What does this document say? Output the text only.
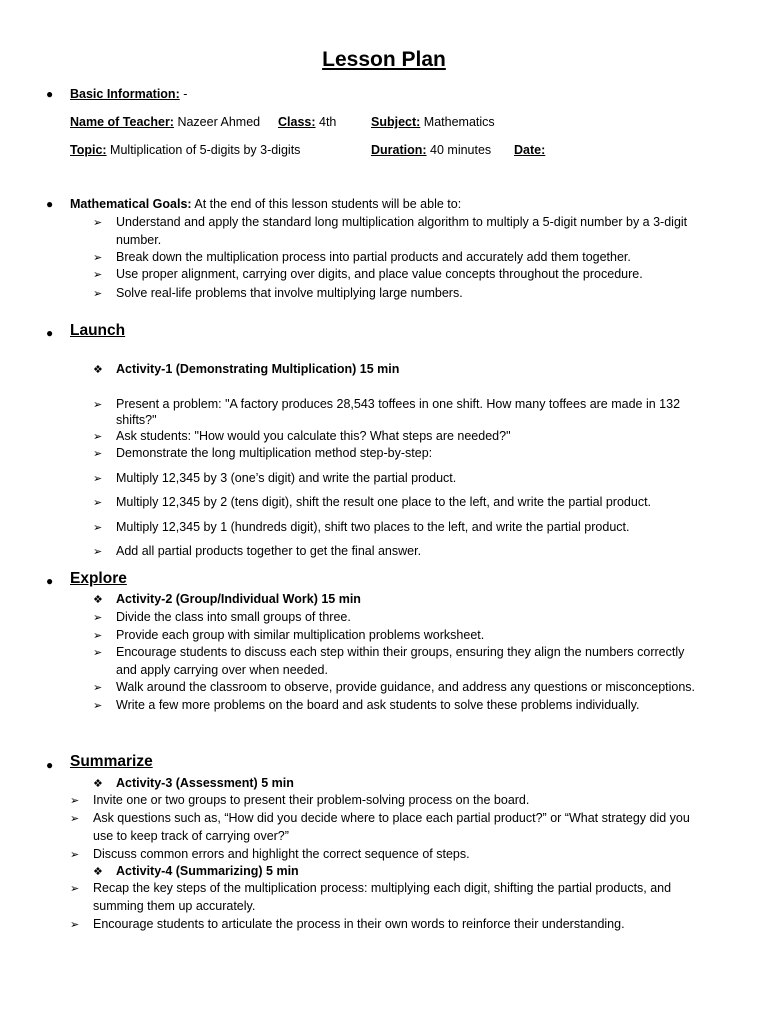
Lesson Plan
● Basic Information: -
Name of Teacher: Nazeer Ahmed Class: 4th	Subject: Mathematics
Topic: Multiplication of 5-digits by 3-digits	Duration: 40 minutes Date:
● Mathematical Goals: At the end of this lesson students will be able to:
➢	Understand and apply the standard long multiplication algorithm to multiply a 5-digit number by a 3-digit
number.
➢	Break down the multiplication process into partial products and accurately add them together.
➢	Use proper alignment, carrying over digits, and place value concepts throughout the procedure.
➢	Solve real-life problems that involve multiplying large numbers.
● Launch
❖ Activity-1 (Demonstrating Multiplication) 15 min
➢	Present a problem: "A factory produces 28,543 toffees in one shift. How many toffees are made in 132
shifts?"
➢	Ask students: "How would you calculate this? What steps are needed?"
➢	Demonstrate the long multiplication method step-by-step:
➢	Multiply 12,345 by 3 (one’s digit) and write the partial product.
➢	Multiply 12,345 by 2 (tens digit), shift the result one place to the left, and write the partial product.
➢	Multiply 12,345 by 1 (hundreds digit), shift two places to the left, and write the partial product.
➢	Add all partial products together to get the final answer.
● Explore
❖ Activity-2 (Group/Individual Work) 15 min
➢	Divide the class into small groups of three.
➢	Provide each group with similar multiplication problems worksheet.
➢	Encourage students to discuss each step within their groups, ensuring they align the numbers correctly
and apply carrying over when needed.
➢	Walk around the classroom to observe, provide guidance, and address any questions or misconceptions.
➢	Write a few more problems on the board and ask students to solve these problems individually.
● Summarize
❖ Activity-3 (Assessment) 5 min
➢	Invite one or two groups to present their problem-solving process on the board.
➢	Ask questions such as, “How did you decide where to place each partial product?” or “What strategy did you
use to keep track of carrying over?”
➢	Discuss common errors and highlight the correct sequence of steps.
❖ Activity-4 (Summarizing) 5 min
➢	Recap the key steps of the multiplication process: multiplying each digit, shifting the partial products, and
summing them up accurately.
➢	Encourage students to articulate the process in their own words to reinforce their understanding.
